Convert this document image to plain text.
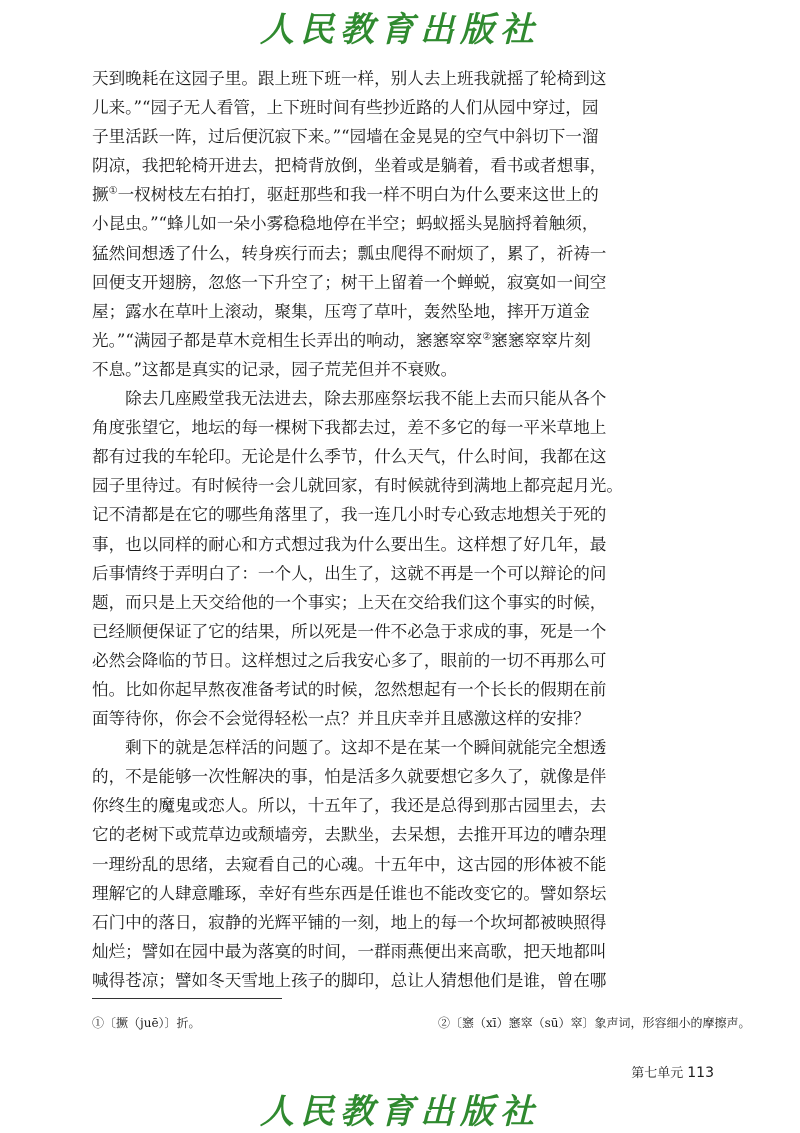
人民教育出版社
天到晚耗在这园子里。跟上班下班一样，别人去上班我就摇了轮椅到这
儿来。”“园子无人看管，上下班时间有些抄近路的人们从园中穿过，园
子里活跃一阵，过后便沉寂下来。”“园墙在金晃晃的空气中斜切下一溜
阴凉，我把轮椅开进去，把椅背放倒，坐着或是躺着，看书或者想事，
撅①一杈树枝左右拍打，驱赶那些和我一样不明白为什么要来这世上的
小昆虫。”“蜂儿如一朵小雾稳稳地停在半空；蚂蚁摇头晃脑捋着触须，
猛然间想透了什么，转身疾行而去；瓢虫爬得不耐烦了，累了，祈祷一
回便支开翅膀，忽悠一下升空了；树干上留着一个蝉蜕，寂寞如一间空
屋；露水在草叶上滚动，聚集，压弯了草叶，轰然坠地，摔开万道金
光。”“满园子都是草木竞相生长弄出的响动，窸窸窣窣②窸窸窣窣片刻
不息。”这都是真实的记录，园子荒芜但并不衰败。
　　除去几座殿堂我无法进去，除去那座祭坛我不能上去而只能从各个
角度张望它，地坛的每一棵树下我都去过，差不多它的每一平米草地上
都有过我的车轮印。无论是什么季节，什么天气，什么时间，我都在这
园子里待过。有时候待一会儿就回家，有时候就待到满地上都亮起月光。
记不清都是在它的哪些角落里了，我一连几小时专心致志地想关于死的
事，也以同样的耐心和方式想过我为什么要出生。这样想了好几年，最
后事情终于弄明白了：一个人，出生了，这就不再是一个可以辩论的问
题，而只是上天交给他的一个事实；上天在交给我们这个事实的时候，
已经顺便保证了它的结果，所以死是一件不必急于求成的事，死是一个
必然会降临的节日。这样想过之后我安心多了，眼前的一切不再那么可
怕。比如你起早熬夜准备考试的时候，忽然想起有一个长长的假期在前
面等待你，你会不会觉得轻松一点？并且庆幸并且感激这样的安排？
　　剩下的就是怎样活的问题了。这却不是在某一个瞬间就能完全想透
的，不是能够一次性解决的事，怕是活多久就要想它多久了，就像是伴
你终生的魔鬼或恋人。所以，十五年了，我还是总得到那古园里去，去
它的老树下或荒草边或颓墙旁，去默坐，去呆想，去推开耳边的嘈杂理
一理纷乱的思绪，去窥看自己的心魂。十五年中，这古园的形体被不能
理解它的人肆意雕琢，幸好有些东西是任谁也不能改变它的。譬如祭坛
石门中的落日，寂静的光辉平铺的一刻，地上的每一个坎坷都被映照得
灿烂；譬如在园中最为落寞的时间，一群雨燕便出来高歌，把天地都叫
喊得苍凉；譬如冬天雪地上孩子的脚印，总让人猜想他们是谁，曾在哪
①〔撅（juē）〕折。	②〔窸（xī）窸窣（sū）窣〕象声词，形容细小的摩擦声。
第七单元 113
人民教育出版社
